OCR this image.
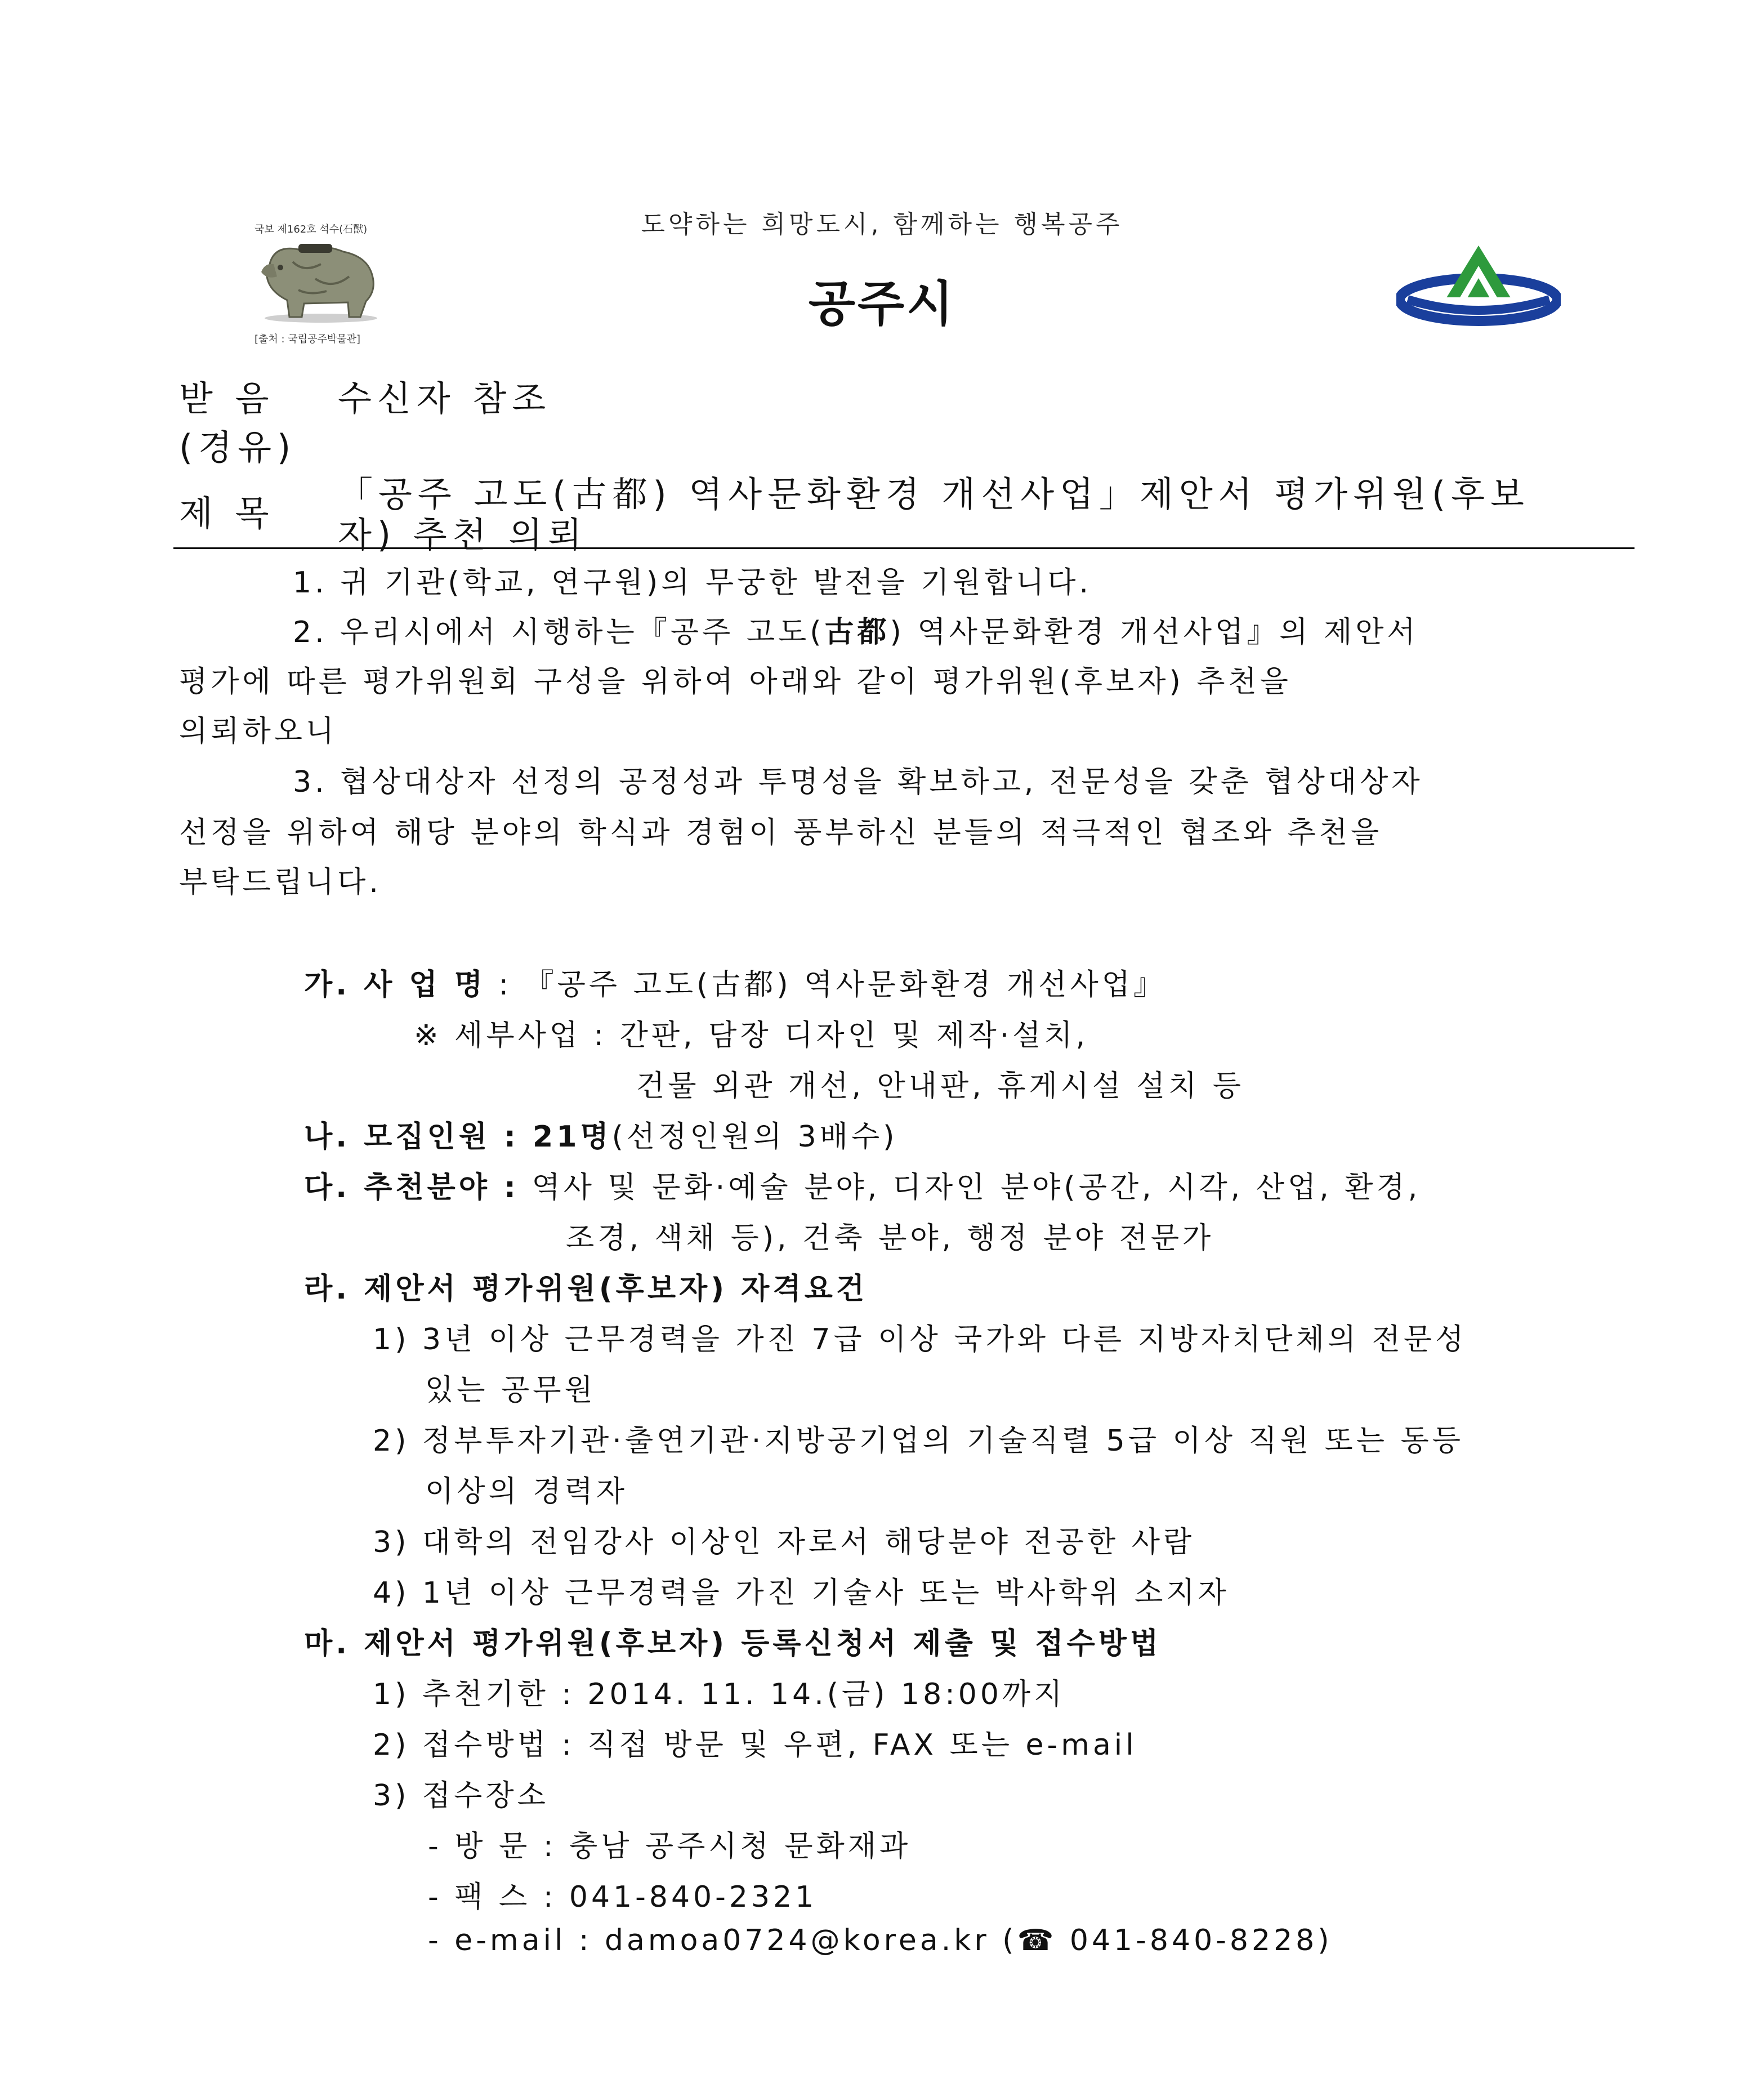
국보 제162호 석수(石獸)
[출처 : 국립공주박물관]
도약하는 희망도시, 함께하는 행복공주
공주시
받 음 수신자 참조
(경유)
제 목 「공주 고도(古都) 역사문화환경 개선사업」제안서 평가위원(후보
자) 추천 의뢰
1. 귀 기관(학교, 연구원)의 무궁한 발전을 기원합니다.
2. 우리시에서 시행하는『공주 고도(古都) 역사문화환경 개선사업』의 제안서
평가에 따른 평가위원회 구성을 위하여 아래와 같이 평가위원(후보자) 추천을
의뢰하오니
3. 협상대상자 선정의 공정성과 투명성을 확보하고, 전문성을 갖춘 협상대상자
선정을 위하여 해당 분야의 학식과 경험이 풍부하신 분들의 적극적인 협조와 추천을
부탁드립니다.
가. 사 업 명 : 『공주 고도(古都) 역사문화환경 개선사업』
※ 세부사업 : 간판, 담장 디자인 및 제작·설치,
건물 외관 개선, 안내판, 휴게시설 설치 등
나. 모집인원 : 21명(선정인원의 3배수)
다. 추천분야 : 역사 및 문화·예술 분야, 디자인 분야(공간, 시각, 산업, 환경,
조경, 색채 등), 건축 분야, 행정 분야 전문가
라. 제안서 평가위원(후보자) 자격요건
1) 3년 이상 근무경력을 가진 7급 이상 국가와 다른 지방자치단체의 전문성
있는 공무원
2) 정부투자기관·출연기관·지방공기업의 기술직렬 5급 이상 직원 또는 동등
이상의 경력자
3) 대학의 전임강사 이상인 자로서 해당분야 전공한 사람
4) 1년 이상 근무경력을 가진 기술사 또는 박사학위 소지자
마. 제안서 평가위원(후보자) 등록신청서 제출 및 접수방법
1) 추천기한 : 2014. 11. 14.(금) 18:00까지
2) 접수방법 : 직접 방문 및 우편, FAX 또는 e-mail
3) 접수장소
- 방 문 : 충남 공주시청 문화재과
- 팩 스 : 041-840-2321
- e-mail : damoa0724@korea.kr (☎ 041-840-8228)
